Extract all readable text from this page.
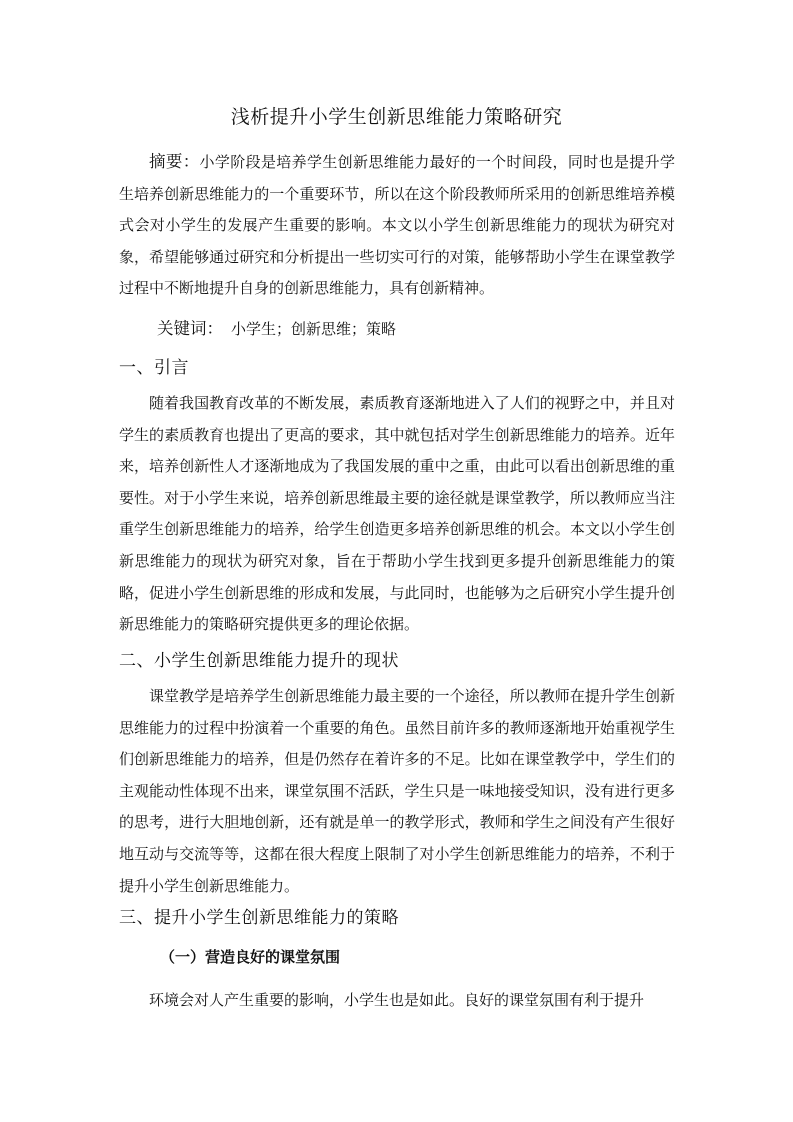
浅析提升小学生创新思维能力策略研究

摘要：小学阶段是培养学生创新思维能力最好的一个时间段，同时也是提升学生培养创新思维能力的一个重要环节，所以在这个阶段教师所采用的创新思维培养模式会对小学生的发展产生重要的影响。本文以小学生创新思维能力的现状为研究对象，希望能够通过研究和分析提出一些切实可行的对策，能够帮助小学生在课堂教学过程中不断地提升自身的创新思维能力，具有创新精神。

关键词： 小学生；创新思维；策略
一、引言

随着我国教育改革的不断发展，素质教育逐渐地进入了人们的视野之中，并且对学生的素质教育也提出了更高的要求，其中就包括对学生创新思维能力的培养。近年来，培养创新性人才逐渐地成为了我国发展的重中之重，由此可以看出创新思维的重要性。对于小学生来说，培养创新思维最主要的途径就是课堂教学，所以教师应当注重学生创新思维能力的培养，给学生创造更多培养创新思维的机会。本文以小学生创新思维能力的现状为研究对象，旨在于帮助小学生找到更多提升创新思维能力的策略，促进小学生创新思维的形成和发展，与此同时，也能够为之后研究小学生提升创新思维能力的策略研究提供更多的理论依据。

二、小学生创新思维能力提升的现状

课堂教学是培养学生创新思维能力最主要的一个途径，所以教师在提升学生创新思维能力的过程中扮演着一个重要的角色。虽然目前许多的教师逐渐地开始重视学生们创新思维能力的培养，但是仍然存在着许多的不足。比如在课堂教学中，学生们的主观能动性体现不出来，课堂氛围不活跃，学生只是一味地接受知识，没有进行更多的思考，进行大胆地创新，还有就是单一的教学形式，教师和学生之间没有产生很好地互动与交流等等，这都在很大程度上限制了对小学生创新思维能力的培养，不利于提升小学生创新思维能力。

三、提升小学生创新思维能力的策略
（一）营造良好的课堂氛围

环境会对人产生重要的影响，小学生也是如此。良好的课堂氛围有利于提升
